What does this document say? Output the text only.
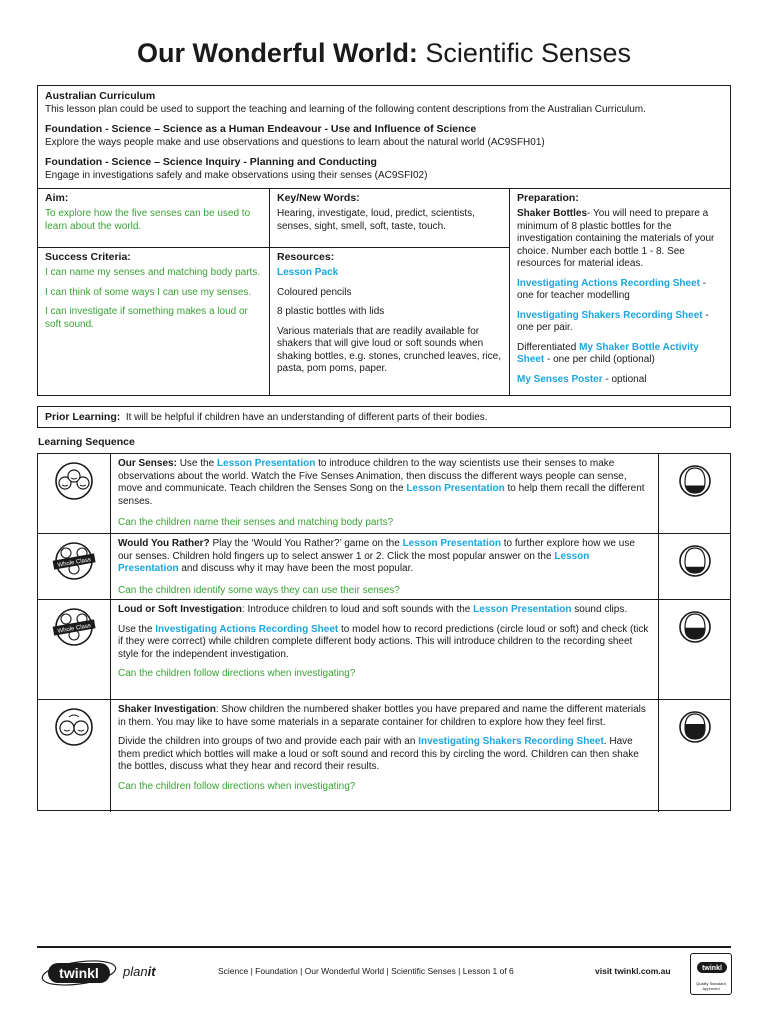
Our Wonderful World: Scientific Senses
Australian Curriculum
This lesson plan could be used to support the teaching and learning of the following content descriptions from the Australian Curriculum.
Foundation - Science – Science as a Human Endeavour - Use and Influence of Science
Explore the ways people make and use observations and questions to learn about the natural world (AC9SFH01)
Foundation - Science – Science Inquiry - Planning and Conducting
Engage in investigations safely and make observations using their senses (AC9SFI02)
Aim:
To explore how the five senses can be used to learn about the world.
Success Criteria:
I can name my senses and matching body parts.
I can think of some ways I can use my senses.
I can investigate if something makes a loud or soft sound.
Key/New Words:
Hearing, investigate, loud, predict, scientists, senses, sight, smell, soft, taste, touch.
Resources:
Lesson Pack
Coloured pencils
8 plastic bottles with lids
Various materials that are readily available for shakers that will give loud or soft sounds when shaking bottles, e.g. stones, crunched leaves, rice, pasta, pom poms, paper.
Preparation:
Shaker Bottles- You will need to prepare a minimum of 8 plastic bottles for the investigation containing the materials of your choice. Number each bottle 1 - 8. See resources for material ideas.
Investigating Actions Recording Sheet - one for teacher modelling
Investigating Shakers Recording Sheet - one per pair.
Differentiated My Shaker Bottle Activity Sheet - one per child (optional)
My Senses Poster - optional
Prior Learning: It will be helpful if children have an understanding of different parts of their bodies.
Learning Sequence
Our Senses: Use the Lesson Presentation to introduce children to the way scientists use their senses to make observations about the world. Watch the Five Senses Animation, then discuss the different ways people can sense, move and communicate. Teach children the Senses Song on the Lesson Presentation to help them recall the different senses.
Can the children name their senses and matching body parts?
Whole Class
Would You Rather? Play the ‘Would You Rather?’ game on the Lesson Presentation to further explore how we use our senses. Children hold fingers up to select answer 1 or 2. Click the most popular answer on the Lesson Presentation and discuss why it may have been the most popular.
Can the children identify some ways they can use their senses?
Whole Class
Loud or Soft Investigation: Introduce children to loud and soft sounds with the Lesson Presentation sound clips.
Use the Investigating Actions Recording Sheet to model how to record predictions (circle loud or soft) and check (tick if they were correct) while children complete different body actions. This will introduce children to the recording sheet style for the independent investigation.
Can the children follow directions when investigating?
Shaker Investigation: Show children the numbered shaker bottles you have prepared and name the different materials in them. You may like to have some materials in a separate container for children to explore how they feel first.
Divide the children into groups of two and provide each pair with an Investigating Shakers Recording Sheet. Have them predict which bottles will make a loud or soft sound and record this by circling the word. Children can then shake the bottles, discuss what they hear and record their results.
Can the children follow directions when investigating?
twinkl planit	Science | Foundation | Our Wonderful World | Scientific Senses | Lesson 1 of 6	visit twinkl.com.au	twinkl
Quality Standard Approved
